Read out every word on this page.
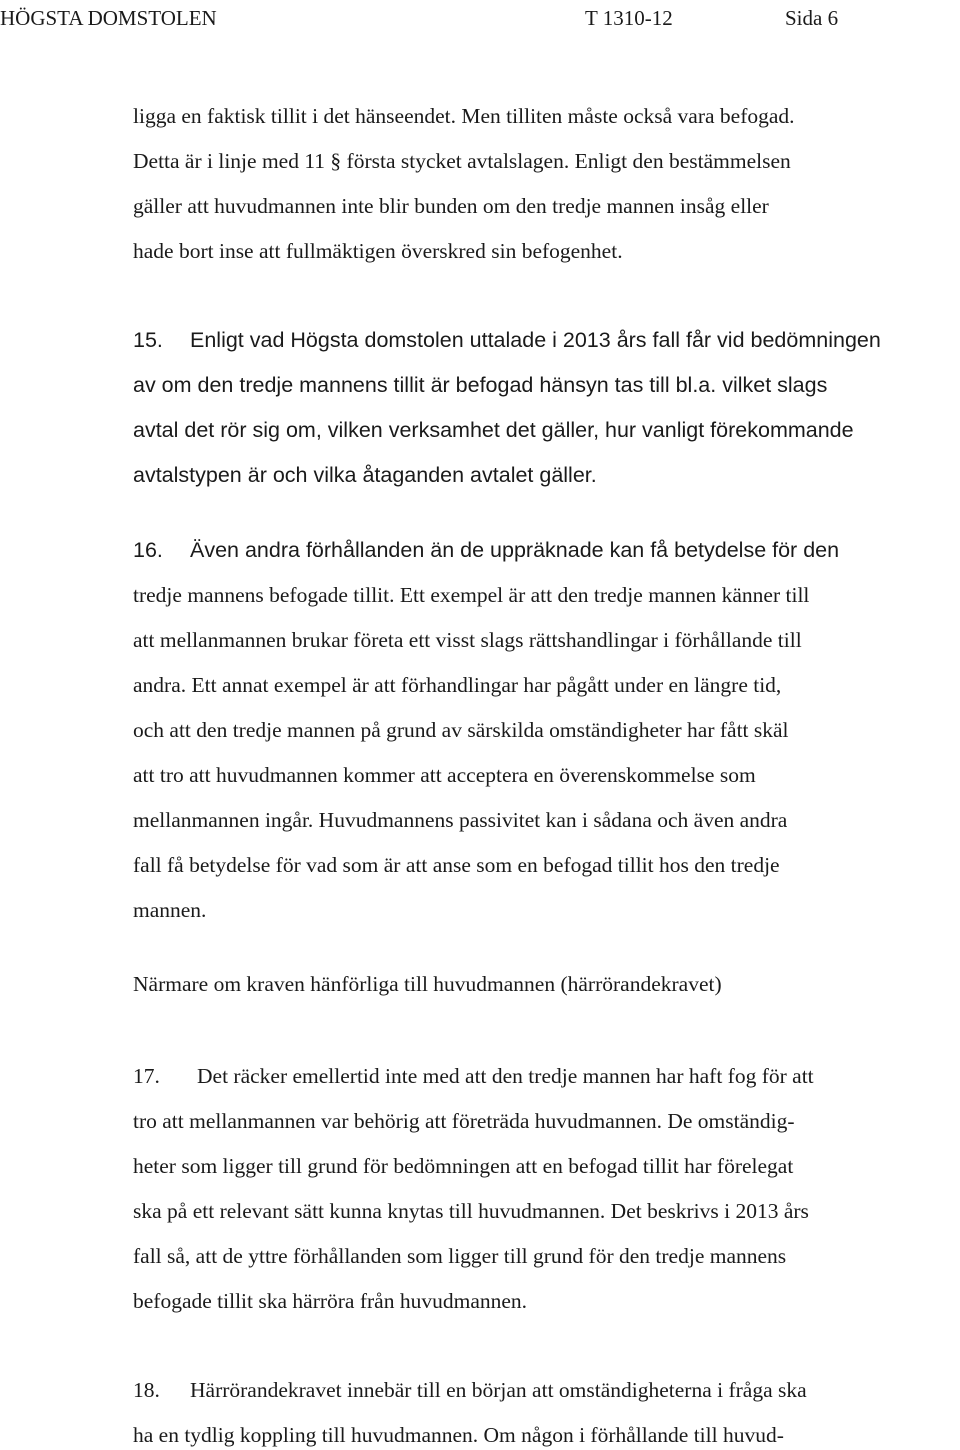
HÖGSTA DOMSTOLEN	T 1310-12	Sida 6
ligga en faktisk tillit i det hänseendet. Men tilliten måste också vara befogad.
Detta är i linje med 11 § första stycket avtalslagen. Enligt den bestämmelsen
gäller att huvudmannen inte blir bunden om den tredje mannen insåg eller
hade bort inse att fullmäktigen överskred sin befogenhet.
15. Enligt vad Högsta domstolen uttalade i 2013 års fall får vid bedömningen
av om den tredje mannens tillit är befogad hänsyn tas till bl.a. vilket slags
avtal det rör sig om, vilken verksamhet det gäller, hur vanligt förekommande
avtalstypen är och vilka åtaganden avtalet gäller.
16. Även andra förhållanden än de uppräknade kan få betydelse för den
tredje mannens befogade tillit. Ett exempel är att den tredje mannen känner till
att mellanmannen brukar företa ett visst slags rättshandlingar i förhållande till
andra. Ett annat exempel är att förhandlingar har pågått under en längre tid,
och att den tredje mannen på grund av särskilda omständigheter har fått skäl
att tro att huvudmannen kommer att acceptera en överenskommelse som
mellanmannen ingår. Huvudmannens passivitet kan i sådana och även andra
fall få betydelse för vad som är att anse som en befogad tillit hos den tredje
mannen.
Närmare om kraven hänförliga till huvudmannen (härrörandekravet)
17. Det räcker emellertid inte med att den tredje mannen har haft fog för att
tro att mellanmannen var behörig att företräda huvudmannen. De omständig-
heter som ligger till grund för bedömningen att en befogad tillit har förelegat
ska på ett relevant sätt kunna knytas till huvudmannen. Det beskrivs i 2013 års
fall så, att de yttre förhållanden som ligger till grund för den tredje mannens
befogade tillit ska härröra från huvudmannen.
18. Härrörandekravet innebär till en början att omständigheterna i fråga ska
ha en tydlig koppling till huvudmannen. Om någon i förhållande till huvud-
